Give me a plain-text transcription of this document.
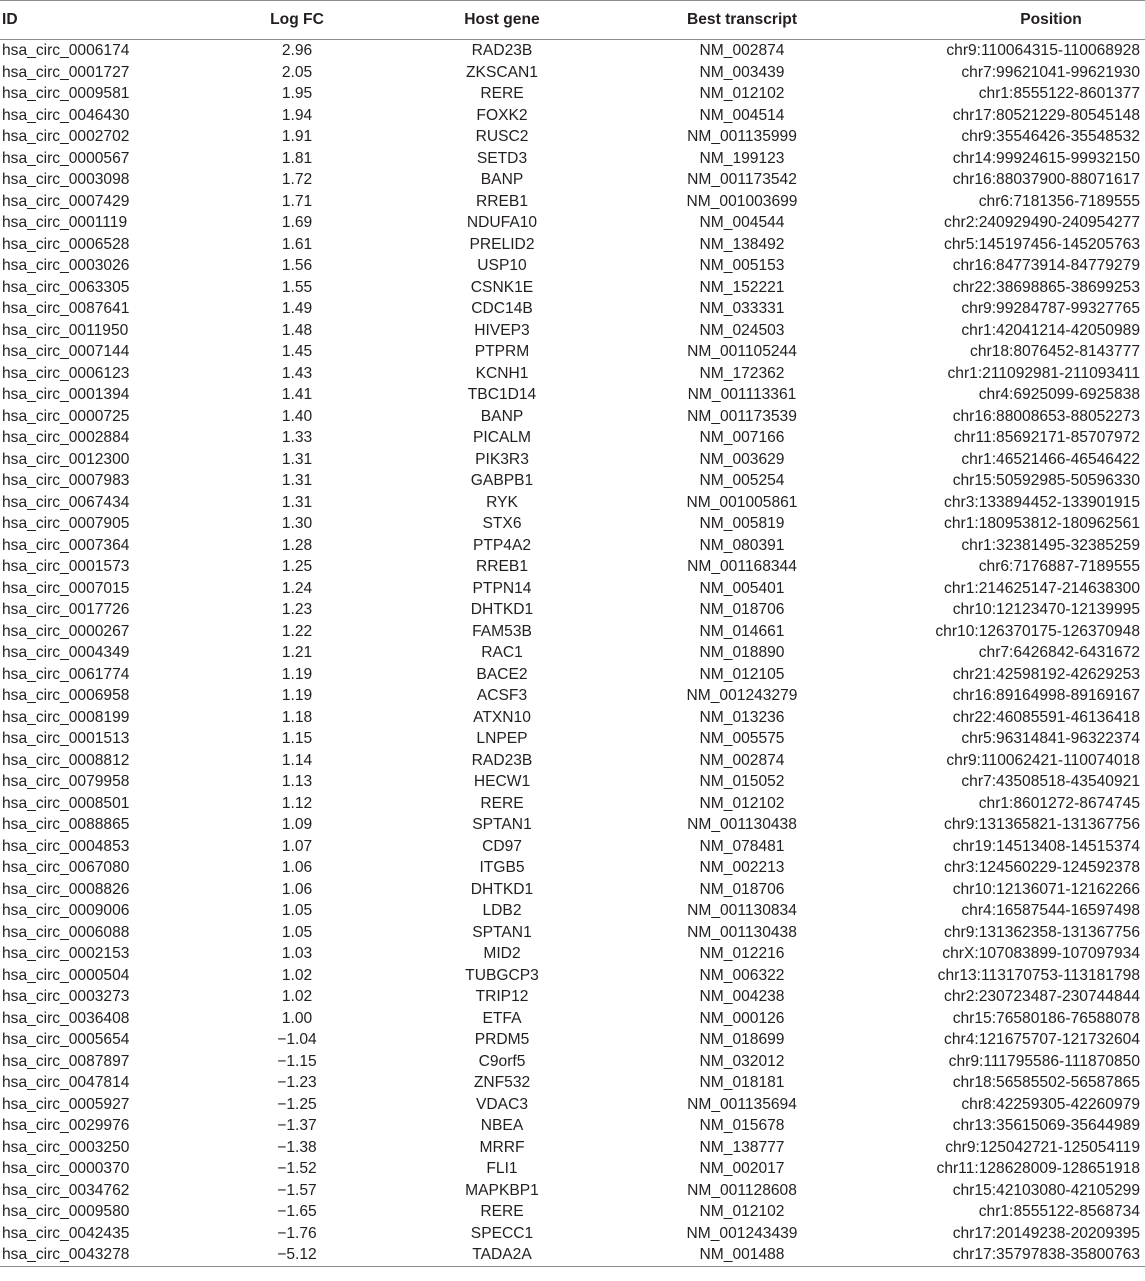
ID	Log FC	Host gene	Best transcript	Position
hsa_circ_0006174	2.96	RAD23B	NM_002874	chr9:110064315-110068928
hsa_circ_0001727	2.05	ZKSCAN1	NM_003439	chr7:99621041-99621930
hsa_circ_0009581	1.95	RERE	NM_012102	chr1:8555122-8601377
hsa_circ_0046430	1.94	FOXK2	NM_004514	chr17:80521229-80545148
hsa_circ_0002702	1.91	RUSC2	NM_001135999	chr9:35546426-35548532
hsa_circ_0000567	1.81	SETD3	NM_199123	chr14:99924615-99932150
hsa_circ_0003098	1.72	BANP	NM_001173542	chr16:88037900-88071617
hsa_circ_0007429	1.71	RREB1	NM_001003699	chr6:7181356-7189555
hsa_circ_0001119	1.69	NDUFA10	NM_004544	chr2:240929490-240954277
hsa_circ_0006528	1.61	PRELID2	NM_138492	chr5:145197456-145205763
hsa_circ_0003026	1.56	USP10	NM_005153	chr16:84773914-84779279
hsa_circ_0063305	1.55	CSNK1E	NM_152221	chr22:38698865-38699253
hsa_circ_0087641	1.49	CDC14B	NM_033331	chr9:99284787-99327765
hsa_circ_0011950	1.48	HIVEP3	NM_024503	chr1:42041214-42050989
hsa_circ_0007144	1.45	PTPRM	NM_001105244	chr18:8076452-8143777
hsa_circ_0006123	1.43	KCNH1	NM_172362	chr1:211092981-211093411
hsa_circ_0001394	1.41	TBC1D14	NM_001113361	chr4:6925099-6925838
hsa_circ_0000725	1.40	BANP	NM_001173539	chr16:88008653-88052273
hsa_circ_0002884	1.33	PICALM	NM_007166	chr11:85692171-85707972
hsa_circ_0012300	1.31	PIK3R3	NM_003629	chr1:46521466-46546422
hsa_circ_0007983	1.31	GABPB1	NM_005254	chr15:50592985-50596330
hsa_circ_0067434	1.31	RYK	NM_001005861	chr3:133894452-133901915
hsa_circ_0007905	1.30	STX6	NM_005819	chr1:180953812-180962561
hsa_circ_0007364	1.28	PTP4A2	NM_080391	chr1:32381495-32385259
hsa_circ_0001573	1.25	RREB1	NM_001168344	chr6:7176887-7189555
hsa_circ_0007015	1.24	PTPN14	NM_005401	chr1:214625147-214638300
hsa_circ_0017726	1.23	DHTKD1	NM_018706	chr10:12123470-12139995
hsa_circ_0000267	1.22	FAM53B	NM_014661	chr10:126370175-126370948
hsa_circ_0004349	1.21	RAC1	NM_018890	chr7:6426842-6431672
hsa_circ_0061774	1.19	BACE2	NM_012105	chr21:42598192-42629253
hsa_circ_0006958	1.19	ACSF3	NM_001243279	chr16:89164998-89169167
hsa_circ_0008199	1.18	ATXN10	NM_013236	chr22:46085591-46136418
hsa_circ_0001513	1.15	LNPEP	NM_005575	chr5:96314841-96322374
hsa_circ_0008812	1.14	RAD23B	NM_002874	chr9:110062421-110074018
hsa_circ_0079958	1.13	HECW1	NM_015052	chr7:43508518-43540921
hsa_circ_0008501	1.12	RERE	NM_012102	chr1:8601272-8674745
hsa_circ_0088865	1.09	SPTAN1	NM_001130438	chr9:131365821-131367756
hsa_circ_0004853	1.07	CD97	NM_078481	chr19:14513408-14515374
hsa_circ_0067080	1.06	ITGB5	NM_002213	chr3:124560229-124592378
hsa_circ_0008826	1.06	DHTKD1	NM_018706	chr10:12136071-12162266
hsa_circ_0009006	1.05	LDB2	NM_001130834	chr4:16587544-16597498
hsa_circ_0006088	1.05	SPTAN1	NM_001130438	chr9:131362358-131367756
hsa_circ_0002153	1.03	MID2	NM_012216	chrX:107083899-107097934
hsa_circ_0000504	1.02	TUBGCP3	NM_006322	chr13:113170753-113181798
hsa_circ_0003273	1.02	TRIP12	NM_004238	chr2:230723487-230744844
hsa_circ_0036408	1.00	ETFA	NM_000126	chr15:76580186-76588078
hsa_circ_0005654	−1.04	PRDM5	NM_018699	chr4:121675707-121732604
hsa_circ_0087897	−1.15	C9orf5	NM_032012	chr9:111795586-111870850
hsa_circ_0047814	−1.23	ZNF532	NM_018181	chr18:56585502-56587865
hsa_circ_0005927	−1.25	VDAC3	NM_001135694	chr8:42259305-42260979
hsa_circ_0029976	−1.37	NBEA	NM_015678	chr13:35615069-35644989
hsa_circ_0003250	−1.38	MRRF	NM_138777	chr9:125042721-125054119
hsa_circ_0000370	−1.52	FLI1	NM_002017	chr11:128628009-128651918
hsa_circ_0034762	−1.57	MAPKBP1	NM_001128608	chr15:42103080-42105299
hsa_circ_0009580	−1.65	RERE	NM_012102	chr1:8555122-8568734
hsa_circ_0042435	−1.76	SPECC1	NM_001243439	chr17:20149238-20209395
hsa_circ_0043278	−5.12	TADA2A	NM_001488	chr17:35797838-35800763
